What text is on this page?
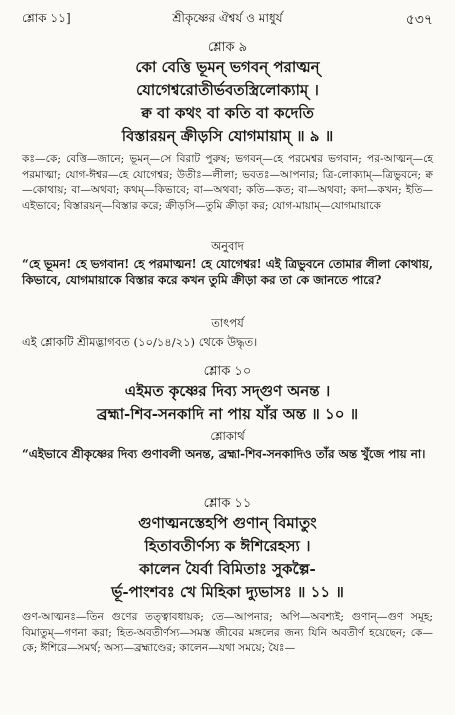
শ্লোক ১১]	শ্রীকৃষ্ণের ঐশ্বর্য ও মাধুর্য	৫৩৭

শ্লোক ৯

কো বেত্তি ভূমন্ ভগবন্ পরাত্মন্

যোগেশ্বরোতীর্ভবতস্ত্রিলোক্যাম্ ।

ক্ব বা কথং বা কতি বা কদেতি

বিস্তারয়ন্ ক্রীড়সি যোগমায়াম্ ॥ ৯ ॥

কঃ—কে; বেত্তি—জানে; ভূমন্—সে বিরাট পুরুষ; ভগবন্—হে পরমেশ্বর ভগবান; পর-আত্মন্—হে পরমাত্মা; যোগ-ঈশ্বর—হে যোগেশ্বর; উতীঃ—লীলা; ভবতঃ—আপনার; ত্রি-লোক্যাম্—ত্রিভুবনে; ক্ব—কোথায়; বা—অথবা; কথম্—কিভাবে; বা—অথবা; কতি—কত; বা—অথবা; কদা—কখন; ইতি—এইভাবে; বিস্তারয়ন্—বিস্তার করে; ক্রীড়সি—তুমি ক্রীড়া কর; যোগ-মায়াম্—যোগমায়াকে

অনুবাদ

“হে ভূমন! হে ভগবান! হে পরমাত্মন! হে যোগেশ্বর! এই ত্রিভুবনে তোমার লীলা কোথায়, কিভাবে, যোগমায়াকে বিস্তার করে কখন তুমি ক্রীড়া কর তা কে জানতে পারে?

তাৎপর্য

এই শ্লোকটি শ্রীমদ্ভাগবত (১০/১৪/২১) থেকে উদ্ধৃত।

শ্লোক ১০

এইমত কৃষ্ণের দিব্য সদ্‌গুণ অনন্ত ।

ব্রহ্মা-শিব-সনকাদি না পায় যাঁর অন্ত ॥ ১০ ॥

শ্লোকার্থ

“এইভাবে শ্রীকৃষ্ণের দিব্য গুণাবলী অনন্ত, ব্রহ্মা-শিব-সনকাদিও তাঁর অন্ত খুঁজে পায় না।

শ্লোক ১১

গুণাত্মনস্তেহপি গুণান্ বিমাতুং

হিতাবতীর্ণস্য ক ঈশিরেহস্য ।

কালেন যৈর্বা বিমিতাঃ সুকল্পৈ-

র্ভূ-পাংশবঃ খে মিহিকা দ্যুভাসঃ ॥ ১১ ॥

গুণ-আত্মনঃ—তিন গুণের তত্ত্বাবধায়ক; তে—আপনার; অপি—অবশ্যই; গুণান্—গুণ সমূহ; বিমাতুম্—গণনা করা; হিত-অবতীর্ণস্য—সমস্ত জীবের মঙ্গলের জন্য যিনি অবতীর্ণ হয়েছেন; কে—কে; ঈশিরে—সমর্থ; অস্য—ব্রহ্মাণ্ডের; কালেন—যথা সময়ে; যৈঃ—
